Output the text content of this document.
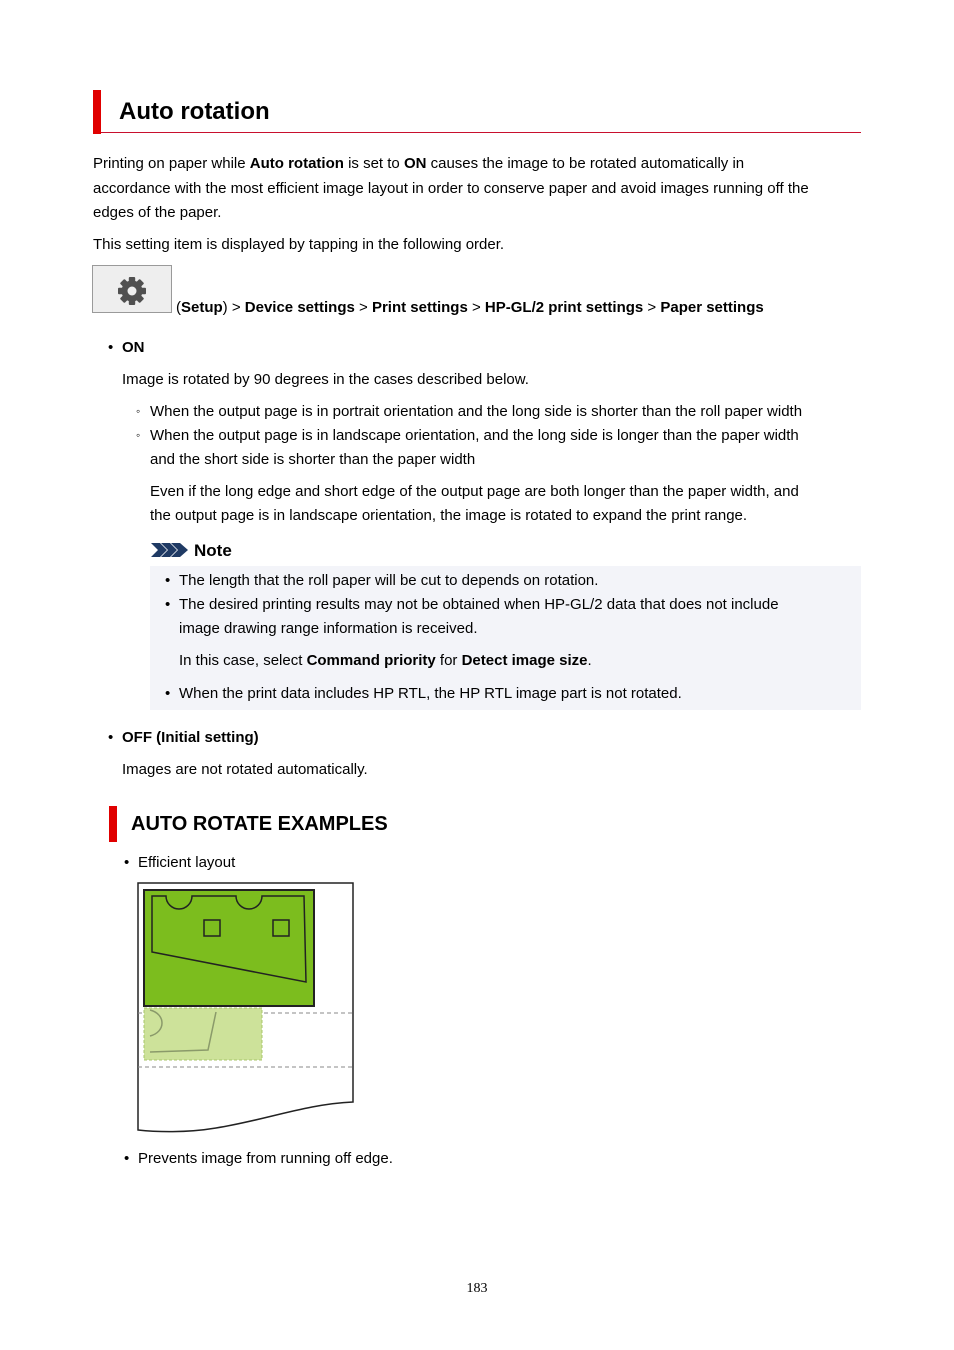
Auto rotation
Printing on paper while Auto rotation is set to ON causes the image to be rotated automatically in
accordance with the most efficient image layout in order to conserve paper and avoid images running off the
edges of the paper.
This setting item is displayed by tapping in the following order.
(Setup) > Device settings > Print settings > HP-GL/2 print settings > Paper settings
• ON
Image is rotated by 90 degrees in the cases described below.
◦ When the output page is in portrait orientation and the long side is shorter than the roll paper width
◦ When the output page is in landscape orientation, and the long side is longer than the paper width
and the short side is shorter than the paper width
Even if the long edge and short edge of the output page are both longer than the paper width, and
the output page is in landscape orientation, the image is rotated to expand the print range.
Note
• The length that the roll paper will be cut to depends on rotation.
• The desired printing results may not be obtained when HP-GL/2 data that does not include
image drawing range information is received.
In this case, select Command priority for Detect image size.
• When the print data includes HP RTL, the HP RTL image part is not rotated.
• OFF (Initial setting)
Images are not rotated automatically.
AUTO ROTATE EXAMPLES
• Efficient layout
• Prevents image from running off edge.
183
